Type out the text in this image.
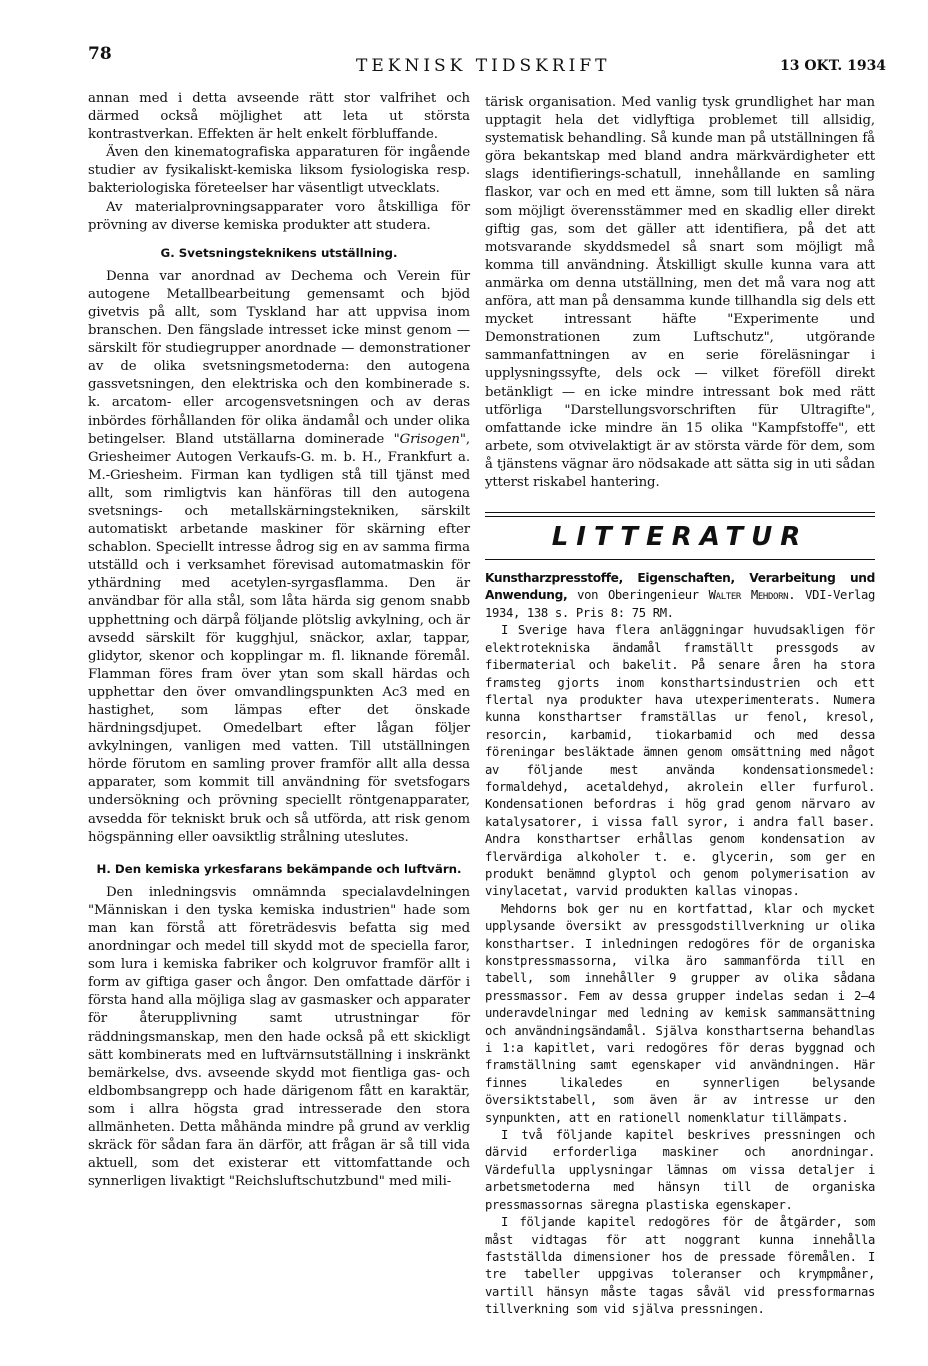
78
TEKNISK TIDSKRIFT	13 OKT. 1934

annan med i detta avseende rätt stor valfrihet och därmed också möjlighet att leta ut största kontrastverkan. Effekten är helt enkelt förbluffande.

Även den kinematografiska apparaturen för ingående studier av fysikaliskt-kemiska liksom fysiologiska resp. bakteriologiska företeelser har väsentligt utvecklats.

Av materialprovningsapparater voro åtskilliga för prövning av diverse kemiska produkter att studera.

G. Svetsningsteknikens utställning.

Denna var anordnad av Dechema och Verein für autogene Metallbearbeitung gemensamt och bjöd givetvis på allt, som Tyskland har att uppvisa inom branschen. Den fängslade intresset icke minst genom — särskilt för studiegrupper anordnade — demonstrationer av de olika svetsningsmetoderna: den autogena gassvetsningen, den elektriska och den kombinerade s. k. arcatom- eller arcogensvetsningen och av deras inbördes förhållanden för olika ändamål och under olika betingelser. Bland utställarna dominerade "Grisogen", Griesheimer Autogen Verkaufs-G. m. b. H., Frankfurt a. M.-Griesheim. Firman kan tydligen stå till tjänst med allt, som rimligtvis kan hänföras till den autogena svetsnings- och metallskärningstekniken, särskilt automatiskt arbetande maskiner för skärning efter schablon. Speciellt intresse ådrog sig en av samma firma utställd och i verksamhet förevisad automatmaskin för ythärdning med acetylen-syrgasflamma. Den är användbar för alla stål, som låta härda sig genom snabb upphettning och därpå följande plötslig avkylning, och är avsedd särskilt för kugghjul, snäckor, axlar, tappar, glidytor, skenor och kopplingar m. fl. liknande föremål. Flamman föres fram över ytan som skall härdas och upphettar den över omvandlingspunkten Ac3 med en hastighet, som lämpas efter det önskade härdningsdjupet. Omedelbart efter lågan följer avkylningen, vanligen med vatten. Till utställningen hörde förutom en samling prover framför allt alla dessa apparater, som kommit till användning för svetsfogars undersökning och prövning speciellt röntgenapparater, avsedda för tekniskt bruk och så utförda, att risk genom högspänning eller oavsiktlig strålning uteslutes.

H. Den kemiska yrkesfarans bekämpande och luftvärn.

Den inledningsvis omnämnda specialavdelningen "Människan i den tyska kemiska industrien" hade som man kan förstå att företrädesvis befatta sig med anordningar och medel till skydd mot de speciella faror, som lura i kemiska fabriker och kolgruvor framför allt i form av giftiga gaser och ångor. Den omfattade därför i första hand alla möjliga slag av gasmasker och apparater för återupplivning samt utrustningar för räddningsmanskap, men den hade också på ett skickligt sätt kombinerats med en luftvärnsutställning i inskränkt bemärkelse, dvs. avseende skydd mot fientliga gas- och eldbombsangrepp och hade därigenom fått en karaktär, som i allra högsta grad intresserade den stora allmänheten. Detta måhända mindre på grund av verklig skräck för sådan fara än därför, att frågan är så till vida aktuell, som det existerar ett vittomfattande och synnerligen livaktigt "Reichsluftschutzbund" med mili-

tärisk organisation. Med vanlig tysk grundlighet har man upptagit hela det vidlyftiga problemet till allsidig, systematisk behandling. Så kunde man på utställningen få göra bekantskap med bland andra märkvärdigheter ett slags identifierings-schatull, innehållande en samling flaskor, var och en med ett ämne, som till lukten så nära som möjligt överensstämmer med en skadlig eller direkt giftig gas, som det gäller att identifiera, på det att motsvarande skyddsmedel så snart som möjligt må komma till användning. Åtskilligt skulle kunna vara att anmärka om denna utställning, men det må vara nog att anföra, att man på densamma kunde tillhandla sig dels ett mycket intressant häfte "Experimente und Demonstrationen zum Luftschutz", utgörande sammanfattningen av en serie föreläsningar i upplysningssyfte, dels ock — vilket föreföll direkt betänkligt — en icke mindre intressant bok med rätt utförliga "Darstellungsvorschriften für Ultragifte", omfattande icke mindre än 15 olika "Kampfstoffe", ett arbete, som otvivelaktigt är av största värde för dem, som å tjänstens vägnar äro nödsakade att sätta sig in uti sådan ytterst riskabel hantering.

LITTERATUR

Kunstharzpresstoffe, Eigenschaften, Verarbeitung und Anwendung, von Oberingenieur Walter Mehdorn. VDI-Verlag 1934, 138 s. Pris 8: 75 RM.

I Sverige hava flera anläggningar huvudsakligen för elektrotekniska ändamål framställt pressgods av fibermaterial och bakelit. På senare åren ha stora framsteg gjorts inom konsthartsindustrien och ett flertal nya produkter hava utexperimenterats. Numera kunna konsthartser framställas ur fenol, kresol, resorcin, karbamid, tiokarbamid och med dessa föreningar besläktade ämnen genom omsättning med något av följande mest använda kondensationsmedel: formaldehyd, acetaldehyd, akrolein eller furfurol. Kondensationen befordras i hög grad genom närvaro av katalysatorer, i vissa fall syror, i andra fall baser. Andra konsthartser erhållas genom kondensation av flervärdiga alkoholer t. e. glycerin, som ger en produkt benämnd glyptol och genom polymerisation av vinylacetat, varvid produkten kallas vinopas.

Mehdorns bok ger nu en kortfattad, klar och mycket upplysande översikt av pressgodstillverkning ur olika konsthartser. I inledningen redogöres för de organiska konstpressmassorna, vilka äro sammanförda till en tabell, som innehåller 9 grupper av olika sådana pressmassor. Fem av dessa grupper indelas sedan i 2—4 underavdelningar med ledning av kemisk sammansättning och användningsändamål. Själva konsthartserna behandlas i 1:a kapitlet, vari redogöres för deras byggnad och framställning samt egenskaper vid användningen. Här finnes likaledes en synnerligen belysande översiktstabell, som även är av intresse ur den synpunkten, att en rationell nomenklatur tillämpats.

I två följande kapitel beskrives pressningen och därvid erforderliga maskiner och anordningar. Värdefulla upplysningar lämnas om vissa detaljer i arbetsmetoderna med hänsyn till de organiska pressmassornas säregna plastiska egenskaper.

I följande kapitel redogöres för de åtgärder, som måst vidtagas för att noggrant kunna innehålla fastställda dimensioner hos de pressade föremålen. I tre tabeller uppgivas toleranser och krympmåner, vartill hänsyn måste tagas såväl vid pressformarnas tillverkning som vid själva pressningen.
